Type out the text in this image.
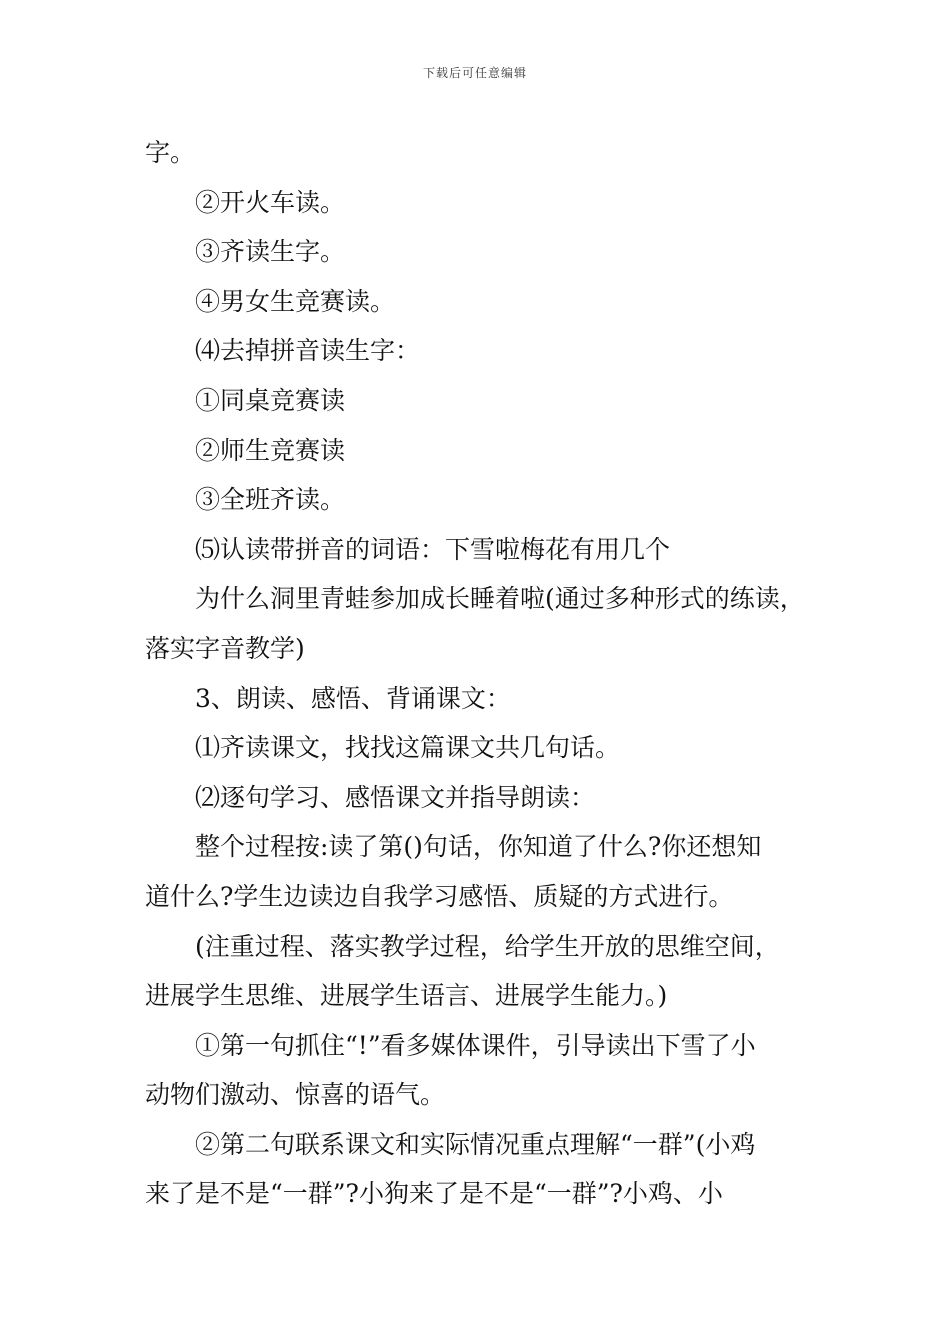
下载后可任意编辑
字。
②开火车读。
③齐读生字。
④男女生竞赛读。
⑷去掉拼音读生字：
①同桌竞赛读
②师生竞赛读
③全班齐读。
⑸认读带拼音的词语：下雪啦梅花有用几个
为什么洞里青蛙参加成长睡着啦(通过多种形式的练读，
落实字音教学)
3、朗读、感悟、背诵课文：
⑴齐读课文，找找这篇课文共几句话。
⑵逐句学习、感悟课文并指导朗读：
整个过程按:读了第()句话，你知道了什么?你还想知
道什么?学生边读边自我学习感悟、质疑的方式进行。
(注重过程、落实教学过程，给学生开放的思维空间，
进展学生思维、进展学生语言、进展学生能力。)
①第一句抓住“!”看多媒体课件，引导读出下雪了小
动物们激动、惊喜的语气。
②第二句联系课文和实际情况重点理解“一群”(小鸡
来了是不是“一群”?小狗来了是不是“一群”?小鸡、小
